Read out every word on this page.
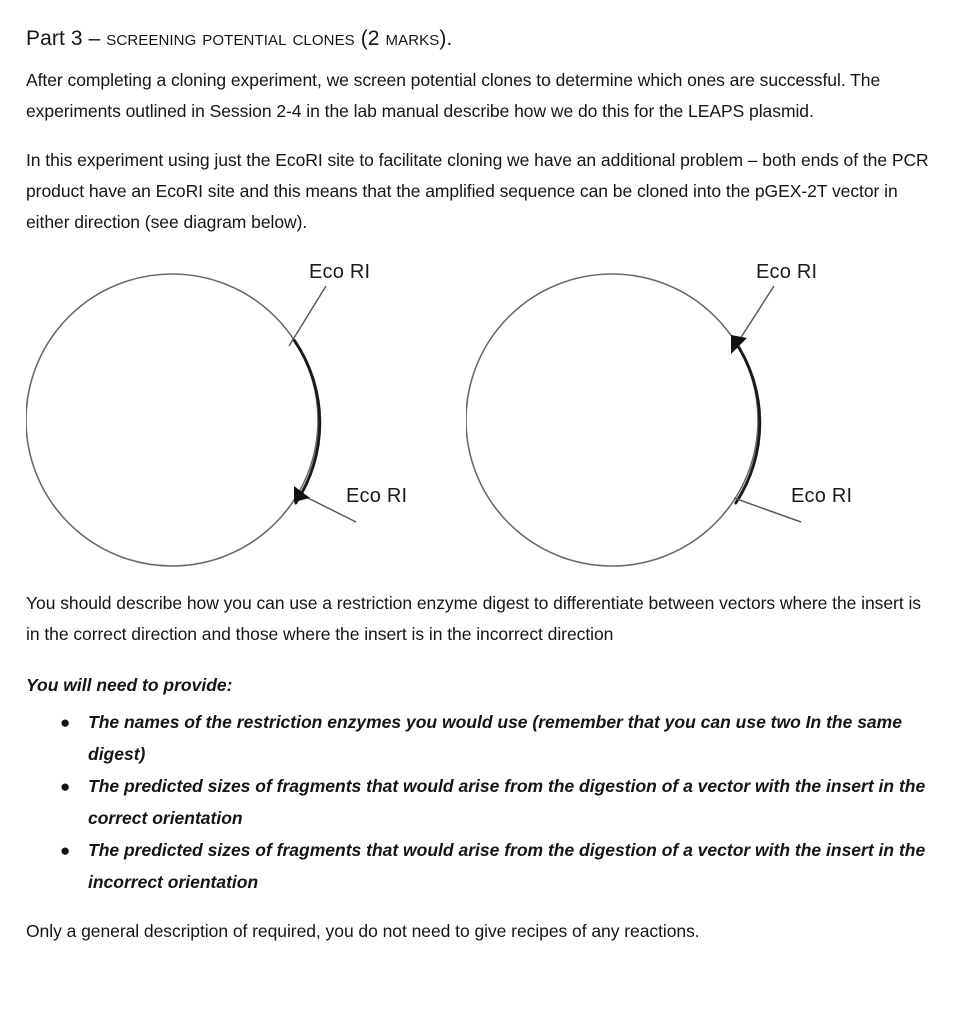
Part 3 – screening potential clones (2 marks).

After completing a cloning experiment, we screen potential clones to determine which ones are successful. The experiments outlined in Session 2-4 in the lab manual describe how we do this for the LEAPS plasmid.

In this experiment using just the EcoRI site to facilitate cloning we have an additional problem – both ends of the PCR product have an EcoRI site and this means that the amplified sequence can be cloned into the pGEX-2T vector in either direction (see diagram below).

Eco RI
Eco RI
Eco RI
Eco RI

You should describe how you can use a restriction enzyme digest to differentiate between vectors where the insert is in the correct direction and those where the insert is in the incorrect direction

You will need to provide:

● The names of the restriction enzymes you would use (remember that you can use two In the same digest)
● The predicted sizes of fragments that would arise from the digestion of a vector with the insert in the correct orientation
● The predicted sizes of fragments that would arise from the digestion of a vector with the insert in the incorrect orientation

Only a general description of required, you do not need to give recipes of any reactions.
